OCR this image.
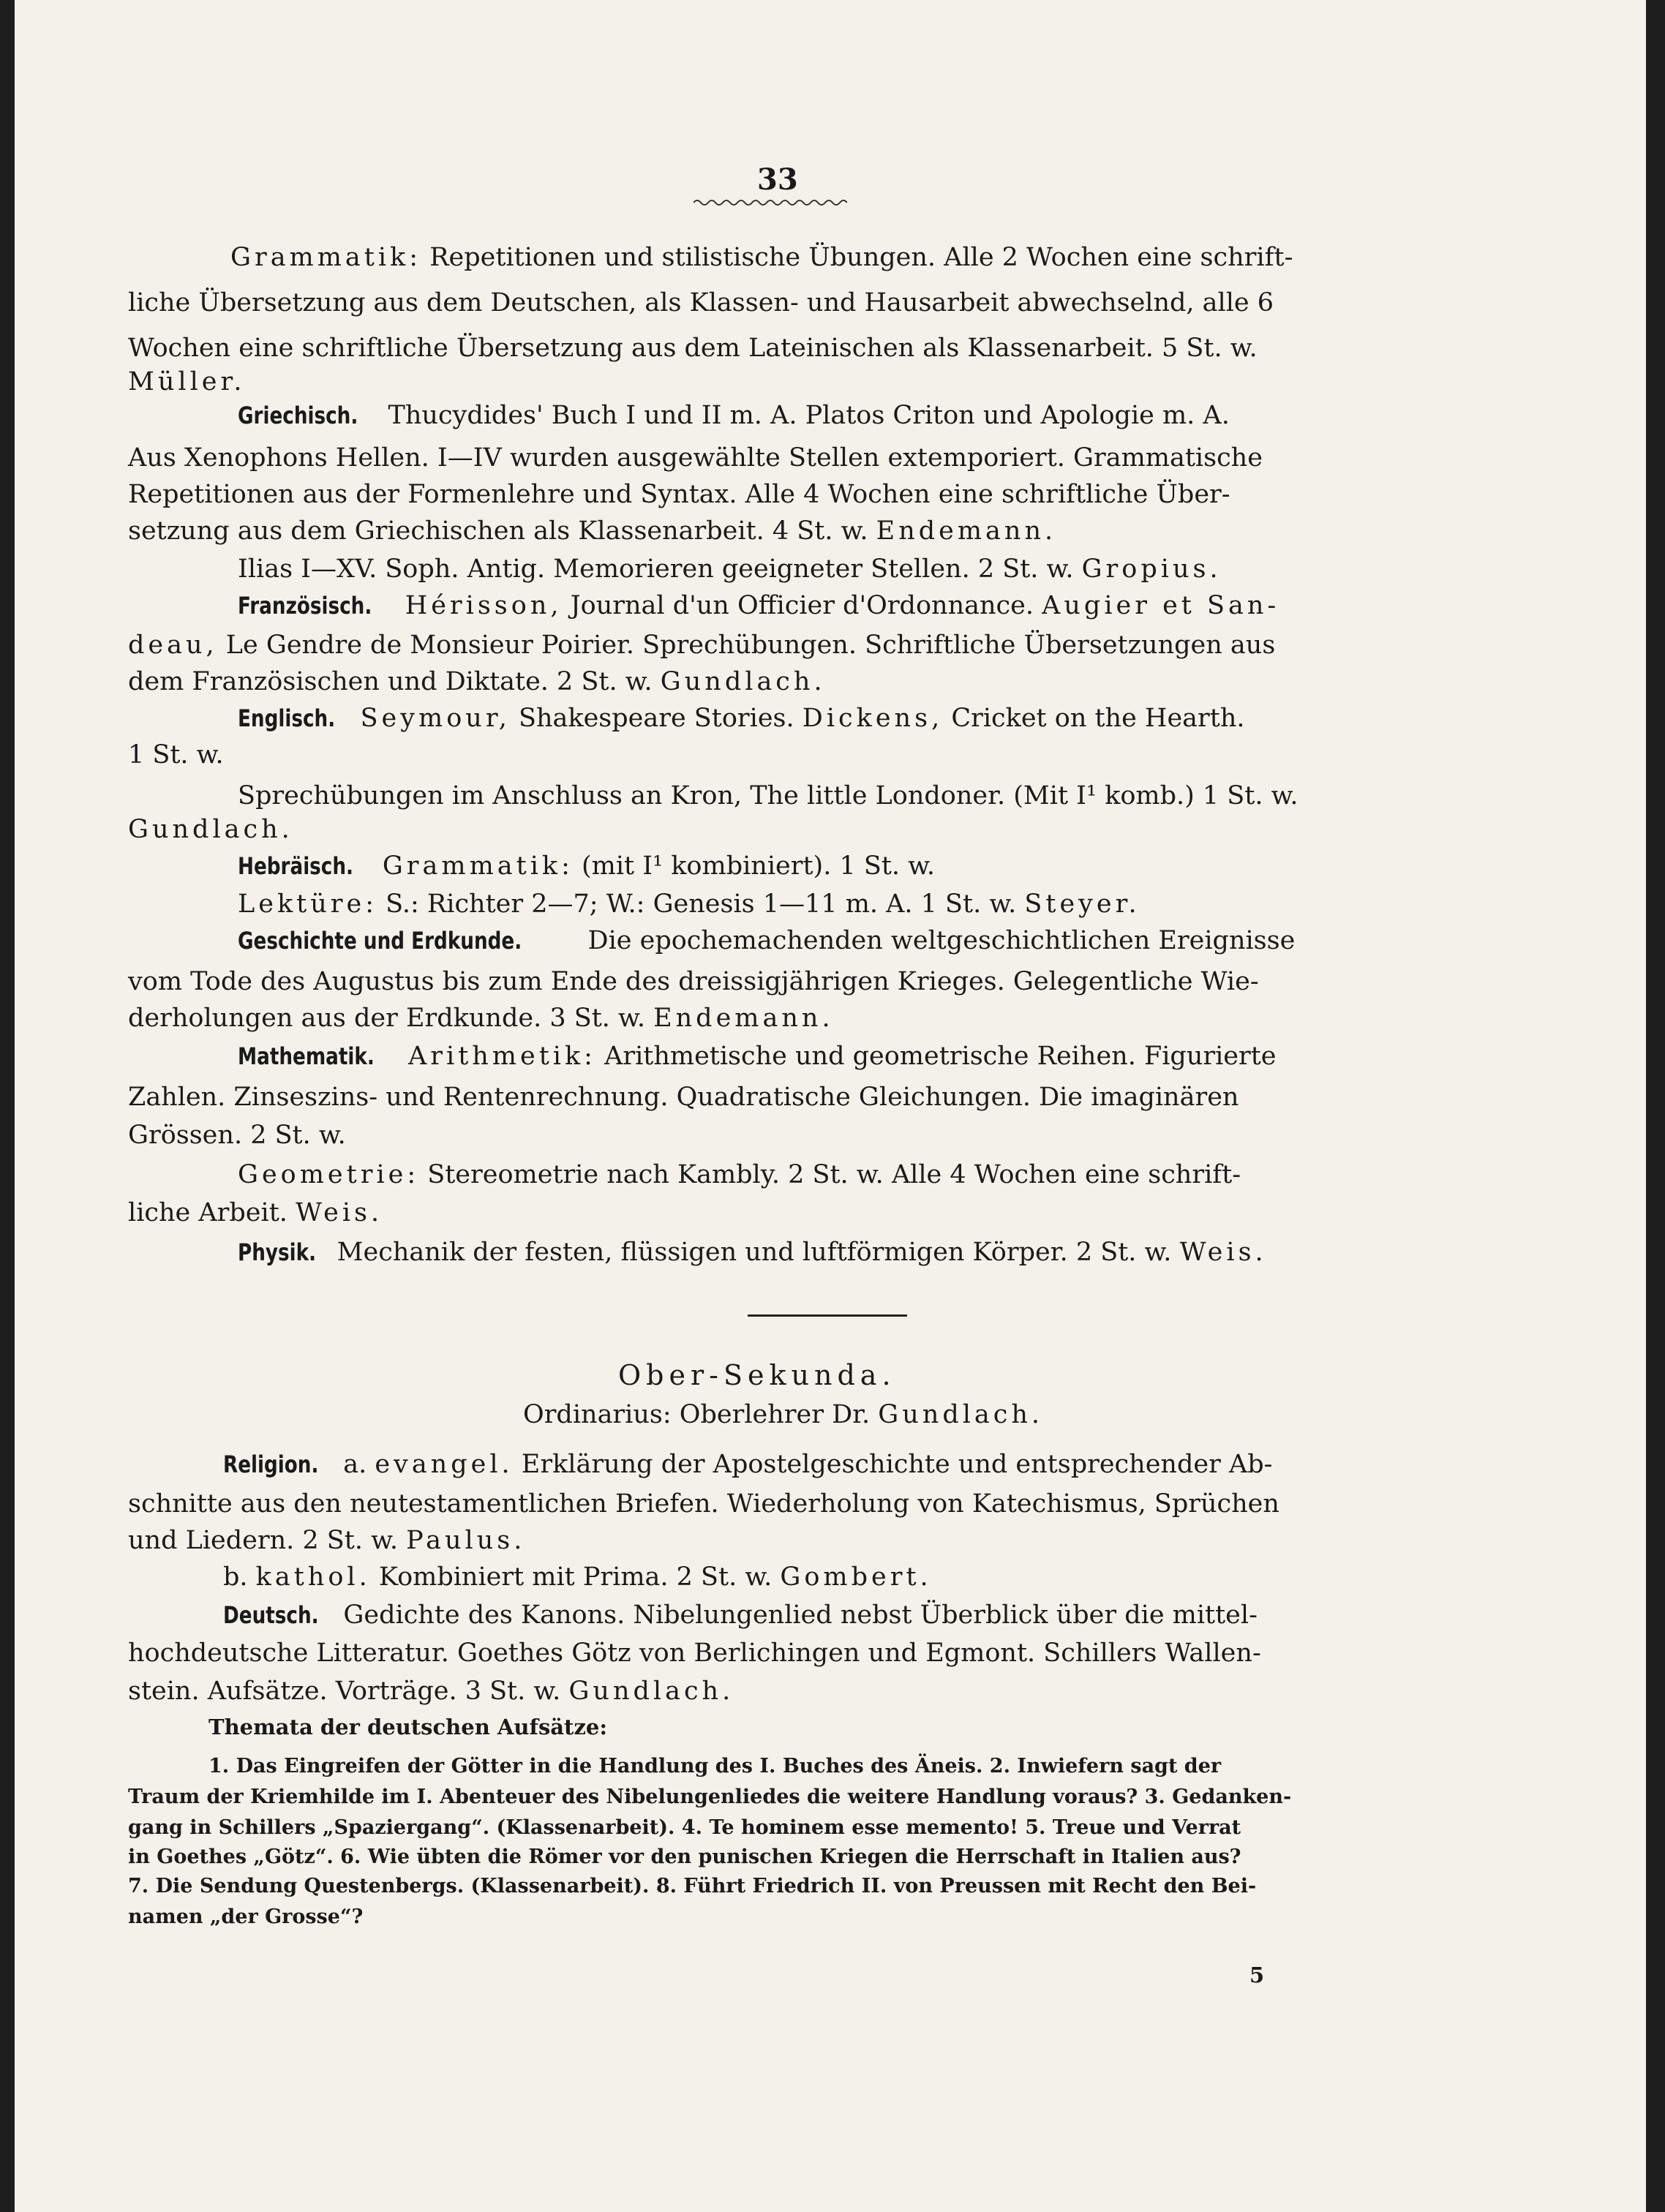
33
Grammatik: Repetitionen und stilistische Übungen. Alle 2 Wochen eine schrift-
liche Übersetzung aus dem Deutschen, als Klassen- und Hausarbeit abwechselnd, alle 6
Wochen eine schriftliche Übersetzung aus dem Lateinischen als Klassenarbeit. 5 St. w.
Müller.
Griechisch. Thucydides' Buch I und II m. A. Platos Criton und Apologie m. A.
Aus Xenophons Hellen. I—IV wurden ausgewählte Stellen extemporiert. Grammatische
Repetitionen aus der Formenlehre und Syntax. Alle 4 Wochen eine schriftliche Über-
setzung aus dem Griechischen als Klassenarbeit. 4 St. w. Endemann.
Ilias I—XV. Soph. Antig. Memorieren geeigneter Stellen. 2 St. w. Gropius.
Französisch. Hérisson, Journal d'un Officier d'Ordonnance. Augier et San-
deau, Le Gendre de Monsieur Poirier. Sprechübungen. Schriftliche Übersetzungen aus
dem Französischen und Diktate. 2 St. w. Gundlach.
Englisch. Seymour, Shakespeare Stories. Dickens, Cricket on the Hearth.
1 St. w.
Sprechübungen im Anschluss an Kron, The little Londoner. (Mit I¹ komb.) 1 St. w.
Gundlach.
Hebräisch. Grammatik: (mit I¹ kombiniert). 1 St. w.
Lektüre: S.: Richter 2—7; W.: Genesis 1—11 m. A. 1 St. w. Steyer.
Geschichte und Erdkunde. Die epochemachenden weltgeschichtlichen Ereignisse
vom Tode des Augustus bis zum Ende des dreissigjährigen Krieges. Gelegentliche Wie-
derholungen aus der Erdkunde. 3 St. w. Endemann.
Mathematik. Arithmetik: Arithmetische und geometrische Reihen. Figurierte
Zahlen. Zinseszins- und Rentenrechnung. Quadratische Gleichungen. Die imaginären
Grössen. 2 St. w.
Geometrie: Stereometrie nach Kambly. 2 St. w. Alle 4 Wochen eine schrift-
liche Arbeit. Weis.
Physik. Mechanik der festen, flüssigen und luftförmigen Körper. 2 St. w. Weis.
Ober-Sekunda.
Ordinarius: Oberlehrer Dr. Gundlach.
Religion. a. evangel. Erklärung der Apostelgeschichte und entsprechender Ab-
schnitte aus den neutestamentlichen Briefen. Wiederholung von Katechismus, Sprüchen
und Liedern. 2 St. w. Paulus.
b. kathol. Kombiniert mit Prima. 2 St. w. Gombert.
Deutsch. Gedichte des Kanons. Nibelungenlied nebst Überblick über die mittel-
hochdeutsche Litteratur. Goethes Götz von Berlichingen und Egmont. Schillers Wallen-
stein. Aufsätze. Vorträge. 3 St. w. Gundlach.
Themata der deutschen Aufsätze:
1. Das Eingreifen der Götter in die Handlung des I. Buches des Äneis. 2. Inwiefern sagt der
Traum der Kriemhilde im I. Abenteuer des Nibelungenliedes die weitere Handlung voraus? 3. Gedanken-
gang in Schillers „Spaziergang“. (Klassenarbeit). 4. Te hominem esse memento! 5. Treue und Verrat
in Goethes „Götz“. 6. Wie übten die Römer vor den punischen Kriegen die Herrschaft in Italien aus?
7. Die Sendung Questenbergs. (Klassenarbeit). 8. Führt Friedrich II. von Preussen mit Recht den Bei-
namen „der Grosse“?
5
